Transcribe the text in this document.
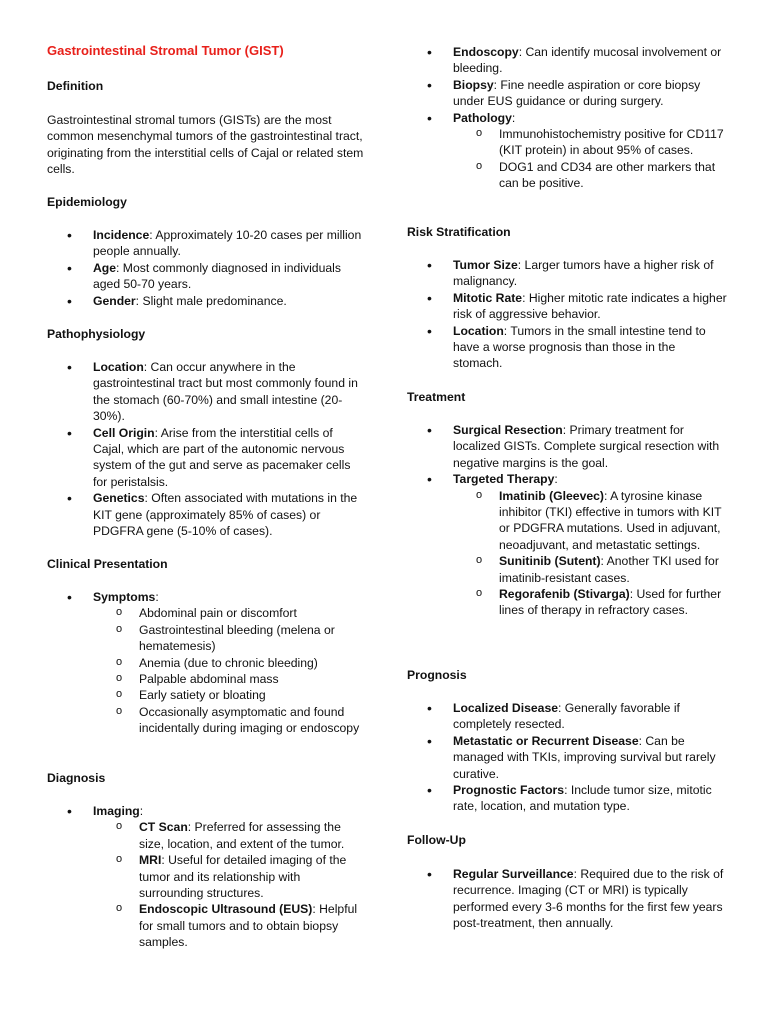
Gastrointestinal Stromal Tumor (GIST)
Definition
Gastrointestinal stromal tumors (GISTs) are the most common mesenchymal tumors of the gastrointestinal tract, originating from the interstitial cells of Cajal or related stem cells.
Epidemiology
• Incidence: Approximately 10-20 cases per million people annually.
• Age: Most commonly diagnosed in individuals aged 50-70 years.
• Gender: Slight male predominance.
Pathophysiology
• Location: Can occur anywhere in the gastrointestinal tract but most commonly found in the stomach (60-70%) and small intestine (20-30%).
• Cell Origin: Arise from the interstitial cells of Cajal, which are part of the autonomic nervous system of the gut and serve as pacemaker cells for peristalsis.
• Genetics: Often associated with mutations in the KIT gene (approximately 85% of cases) or PDGFRA gene (5-10% of cases).
Clinical Presentation
• Symptoms:
o Abdominal pain or discomfort
o Gastrointestinal bleeding (melena or hematemesis)
o Anemia (due to chronic bleeding)
o Palpable abdominal mass
o Early satiety or bloating
o Occasionally asymptomatic and found incidentally during imaging or endoscopy
Diagnosis
• Imaging:
o CT Scan: Preferred for assessing the size, location, and extent of the tumor.
o MRI: Useful for detailed imaging of the tumor and its relationship with surrounding structures.
o Endoscopic Ultrasound (EUS): Helpful for small tumors and to obtain biopsy samples.
• Endoscopy: Can identify mucosal involvement or bleeding.
• Biopsy: Fine needle aspiration or core biopsy under EUS guidance or during surgery.
• Pathology:
o Immunohistochemistry positive for CD117 (KIT protein) in about 95% of cases.
o DOG1 and CD34 are other markers that can be positive.
Risk Stratification
• Tumor Size: Larger tumors have a higher risk of malignancy.
• Mitotic Rate: Higher mitotic rate indicates a higher risk of aggressive behavior.
• Location: Tumors in the small intestine tend to have a worse prognosis than those in the stomach.
Treatment
• Surgical Resection: Primary treatment for localized GISTs. Complete surgical resection with negative margins is the goal.
• Targeted Therapy:
o Imatinib (Gleevec): A tyrosine kinase inhibitor (TKI) effective in tumors with KIT or PDGFRA mutations. Used in adjuvant, neoadjuvant, and metastatic settings.
o Sunitinib (Sutent): Another TKI used for imatinib-resistant cases.
o Regorafenib (Stivarga): Used for further lines of therapy in refractory cases.
Prognosis
• Localized Disease: Generally favorable if completely resected.
• Metastatic or Recurrent Disease: Can be managed with TKIs, improving survival but rarely curative.
• Prognostic Factors: Include tumor size, mitotic rate, location, and mutation type.
Follow-Up
• Regular Surveillance: Required due to the risk of recurrence. Imaging (CT or MRI) is typically performed every 3-6 months for the first few years post-treatment, then annually.
